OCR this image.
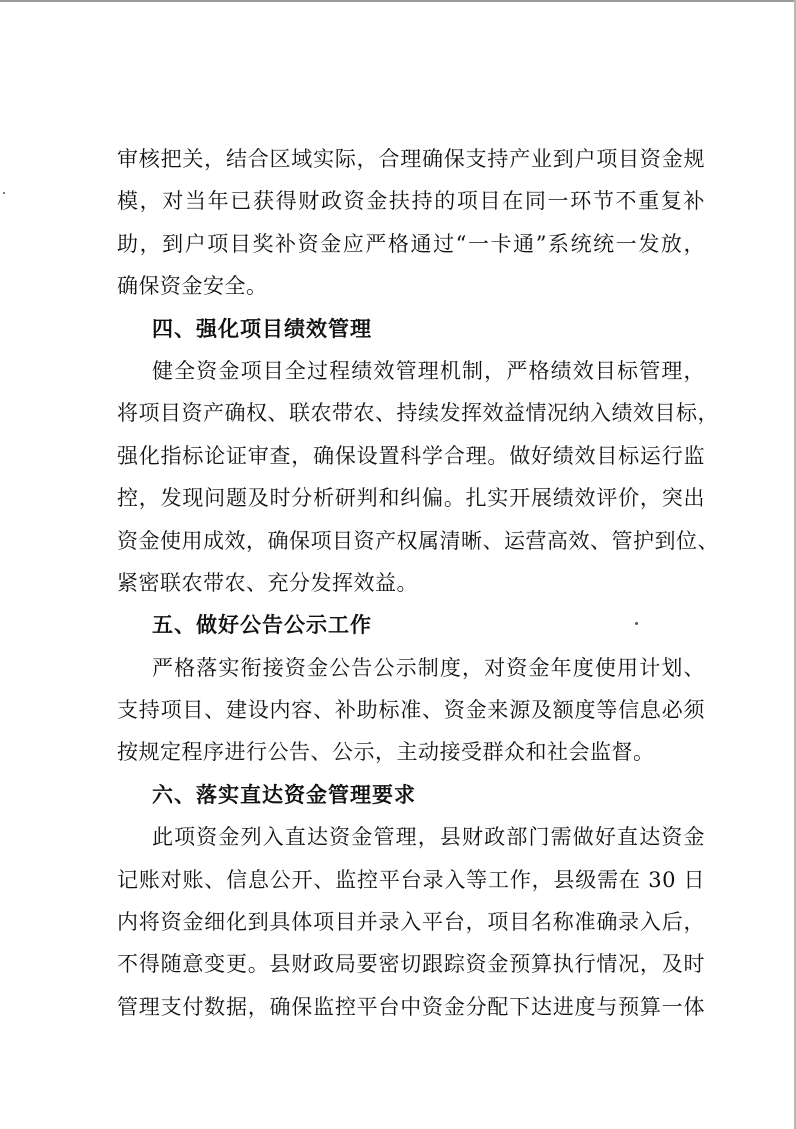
审核把关，结合区域实际，合理确保支持产业到户项目资金规

模，对当年已获得财政资金扶持的项目在同一环节不重复补

助，到户项目奖补资金应严格通过“一卡通”系统统一发放，

确保资金安全。

四、强化项目绩效管理

健全资金项目全过程绩效管理机制，严格绩效目标管理，

将项目资产确权、联农带农、持续发挥效益情况纳入绩效目标，

强化指标论证审查，确保设置科学合理。做好绩效目标运行监

控，发现问题及时分析研判和纠偏。扎实开展绩效评价，突出

资金使用成效，确保项目资产权属清晰、运营高效、管护到位、

紧密联农带农、充分发挥效益。

五、做好公告公示工作

严格落实衔接资金公告公示制度，对资金年度使用计划、

支持项目、建设内容、补助标准、资金来源及额度等信息必须

按规定程序进行公告、公示，主动接受群众和社会监督。

六、落实直达资金管理要求

此项资金列入直达资金管理，县财政部门需做好直达资金

记账对账、信息公开、监控平台录入等工作，县级需在 30 日

内将资金细化到具体项目并录入平台，项目名称准确录入后，

不得随意变更。县财政局要密切跟踪资金预算执行情况，及时

管理支付数据，确保监控平台中资金分配下达进度与预算一体
